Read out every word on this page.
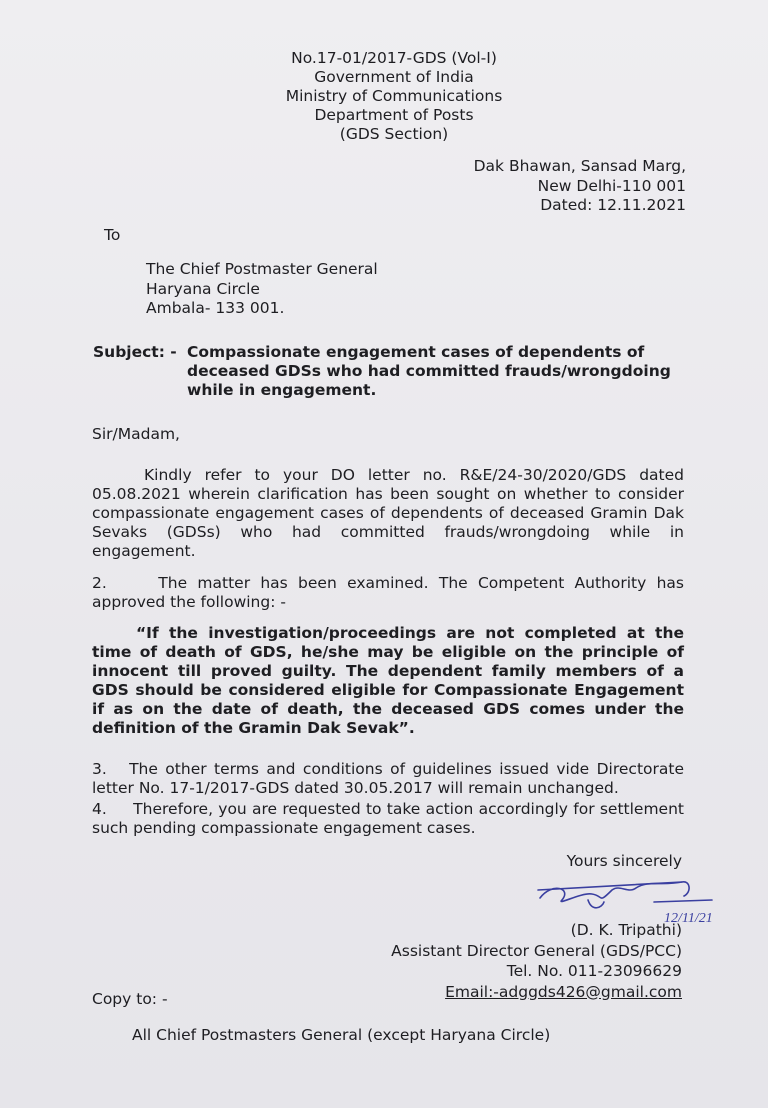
No.17-01/2017-GDS (Vol-I)
Government of India
Ministry of Communications
Department of Posts
(GDS Section)
Dak Bhawan, Sansad Marg,
New Delhi-110 001
Dated: 12.11.2021
To
The Chief Postmaster General
Haryana Circle
Ambala- 133 001.
Subject: - Compassionate engagement cases of dependents of
deceased GDSs who had committed frauds/wrongdoing
while in engagement.
Sir/Madam,
Kindly refer to your DO letter no. R&E/24-30/2020/GDS dated 05.08.2021 wherein clarification has been sought on whether to consider compassionate engagement cases of dependents of deceased Gramin Dak Sevaks (GDSs) who had committed frauds/wrongdoing while in engagement.
2.	The matter has been examined. The Competent Authority has approved the following: -
“If the investigation/proceedings are not completed at the time of death of GDS, he/she may be eligible on the principle of innocent till proved guilty. The dependent family members of a GDS should be considered eligible for Compassionate Engagement if as on the date of death, the deceased GDS comes under the definition of the Gramin Dak Sevak”.
3. The other terms and conditions of guidelines issued vide Directorate letter No. 17-1/2017-GDS dated 30.05.2017 will remain unchanged.
4. Therefore, you are requested to take action accordingly for settlement such pending compassionate engagement cases.
Yours sincerely
12/11/21
(D. K. Tripathi)
Assistant Director General (GDS/PCC)
Tel. No. 011-23096629
Email:-adggds426@gmail.com
Copy to: -
All Chief Postmasters General (except Haryana Circle)
